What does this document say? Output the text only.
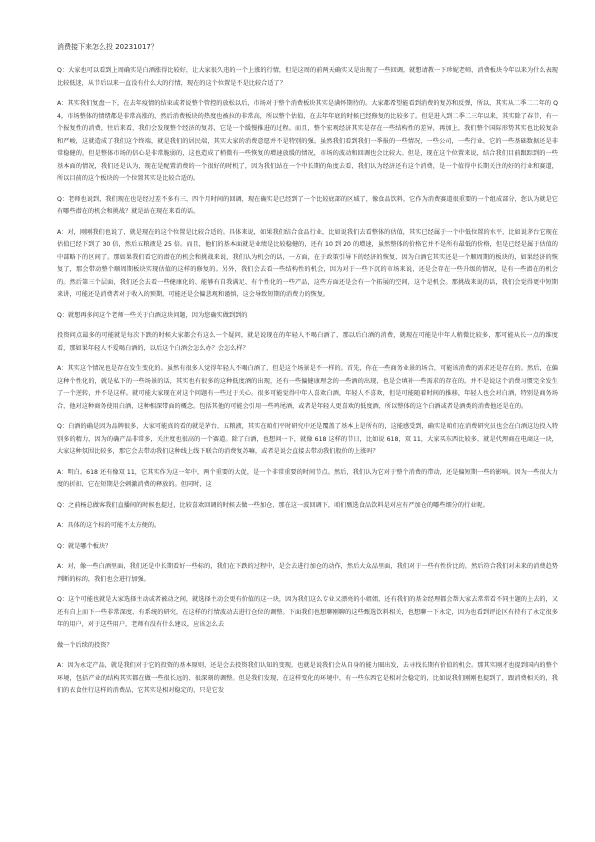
消费接下来怎么投 20231017？

Q：大家也可以看到上周确实是白酒涨得比较好，让大家很久违的一个上涨的行情，但是这周的前两天确实又是出现了一些回调，就想请教一下珍妮老师，消费板块今年以来为什么表现比较低迷，从节后以来一直没有什么大的行情，现在的这个位置是不是比较合适了？

A：其实我们复盘一下，在去年疫情的结束或者说整个管控的放松以后，市场对于整个消费板块其实是满怀期待的。大家都希望能看到消费的复苏和反弹，所以，其实从二季二二年的 Q4，市场整体的情绪都是非常高涨的，然后消费板块的热度也被拉的非常高，所以整个估值，在去年年底的时候已经修复的比较多了。但是进入到二季二三年以来，其实除了春节，有一个报复性的消费，往后来看，我们会发现整个经济的复苏，它是一个缓慢推进的过程。而且，整个宏观经济其实是存在一些结构性的差异，再加上，我们整个国际形势其实也比较复杂和严峻，这就造成了我们这个终端，就是我们的居民端，其实大家的消费意愿并不是特别的强。虽然我们看到我们一季报的一些情况，一些公司，一些行业，它的一些基础数据还是非常稳健的，但是整体市场的信心是非常脆弱的，这也造成了稍微有一些恢复的增速放缓的情况，市场的波动和回调也会比较大。但是，现在这个位置来说，结合我们目前跟踪到的一些基本面的情况，我们还是认为，现在是配置消费的一个很好的时机了，因为我们站在一个中长期的角度去看，我们认为经济还有这个消费，是一个值得中长期关注的好的行业和赛道，所以目前的这个板块的一个位置其实是比较合适的。

Q：老师也说到，我们现在也是经过差不多有三、四个月时间的回调，现在确实是已经到了一个比较底部的区域了，像食品饮料，它作为消费赛道很重要的一个组成部分，您认为就是它有哪些潜在的机会和挑战？就是站在现在来看的话。

A：对，刚刚我们也说了，就是现在的这个位置是比较合适的。具体来说，如果我们结合食品行业，比如说我们去看整体的估值，其实已经属于一个中低位置的水平，比如说茅台它现在估值已经下到了 30 倍，然后五粮液是 25 倍。而且，他们的基本面就是业绩是比较稳健的，还有 10 到 20 的增速，虽然整体的价格它并不是所有最低的价格，但是已经是属于估值的中部略下的区间了。那如果我们看它的潜在的机会和挑战来说，我们认为机会的话，一方面，在于政策引导下的经济的恢复，因为白酒它其实还是一个顺周期的板块的，如果经济的恢复了，那会带动整个顺周期板块实现估值的这样的修复的。另外，我们会去看一些结构性的机会，因为对于一些下沉的市场来说，还是会存在一些升级的情况，是有一些潜在的机会的。然后第三个层面，我们还会去看一些健康化的、能够有自我满足、有个性化的一些产品，这些方面还是会有一个拓展的空间，这个是机会。那挑战来说的话，我们会觉得更中短期来讲，可能还是消费者对于收入的预期，可能还是会偏悲观和谨慎，这会导致短期的消费力的恢复。

Q：就想再多问这个老师一些关于白酒这块问题，因为您确实做到到的

投资问点最多的可能就是每次下跌的时候大家都会有这么一个疑问，就是说现在的年轻人不喝白酒了，那以后白酒的消费，就现在可能是中年人稍微比较多，那可能从长一点的维度看，那如果年轻人不爱喝白酒的，以后这个白酒会怎么办？会怎么样？

A：其实这个情况也是存在发生变化的。虽然有很多人觉得年轻人不喝白酒了，但是这个场景是不一样的。首先，你在一些商务业景的场合，可能该消费的需求还是存在的。然后，在偏这种个性化的，就是私下的一些场景的话，其实也有很多的这种低度酒的出现，还有一些偏健康理念的一些酒的出现，也是会填补一些需求的存在的。并不是说这个消费习惯完全发生了一个逆转，并不是这样。就可能大家现在对这个问题有一些过于关心。很多可能觉得中年人喜欢白酒，年轻人不喜欢，但是可能随着时间的推移，年轻人也会对白酒，特别是商务场合，他对这种商务使用白酒，这种相深带面的概念。包括其他的可能会引用一些鸡尾酒，或者是年轻人更喜欢的低度酒，所以整体的这个白酒或者是酒类的消费他还是在的。

Q：白酒的确是因为品牌很多，大家可能真的看的就是茅台、五粮液，其实在咱们平时研究中还是覆盖了基本上是所有的，这能感受到，确实是咱们在消费研究员也会在白酒这边投入特别多的精力，因为的确产品非常多，关注度也很高的一个赛道。除了白酒，也想问一下，就像 618 这样的节日，比如说 618，双 11，大家买东西比较多，就是代理商在电商这一块，大家这种氛围比较多，那它会去带动我们这种线上线下联合的消费复苏嘛，或者是说会直接去带动我们股价的上涨吗？

A：明白。618 还有像双 11，它其实作为这一年中，两个重要的大促，是一个非常重要的时间节点。然后，我们认为它对于整个消费的带动，还是偏短期一些的影响。因为一些很大力度的折扣，它在短期是会刺激消费的释放的。但同时，这

Q：之前杨总做客我们直播间的时候也提过，比较喜欢回调的时候去做一些加仓，那在这一波回调下，咱们甄选食品饮料是对应有严加仓的哪些细分的行业呢。

A：具体的这个标的可能不太方便的。

Q：就是哪个板块？

A：对，像一些白酒里面，我们还是中长期看好一些标的，我们在下跌的过程中，是会去进行加仓的动作，然后大众品里面，我们对于一些有性价比的，然后符合我们对未来的消费趋势判断的标的，我们也会进行加强。

Q：这个可能也就是大家选择主动或者被动之间，就选择主动会更有价值的这一块，因为我们这么专业又漂亮的小姐姐，还有我们的基金经理都会帮大家去常常看不同主题的上去的，又还有自上而下一些非常深度、有系统的研究，在这样的行情波动去进行仓位的调整。下面我们也想聊刚聊的这些甄选饮料相关，也想聊一下永定，因为也看到评论区有持有了永定很多年的用户，对于这些用户，老师有没有什么建议，应该怎么去

做一个后续的投资？

A：因为永定产品，就是我们对于它的投资的基本原则，还是会去投资我们认知的变现，也就是说我们会从自身的能力圈出发，去寻找长期有价值的机会。那其实刚才也提到国内的整个环境，包括产业的结构其实都在做一些很长远的、很深刻的调整。但是我们发现，在这样变化的环境中，有一些东西它是相对会稳定的，比如说我们刚刚也提到了，跟消费相关的，我们的衣食住行这样的消费品，它其实是相对稳定的，只是它发
